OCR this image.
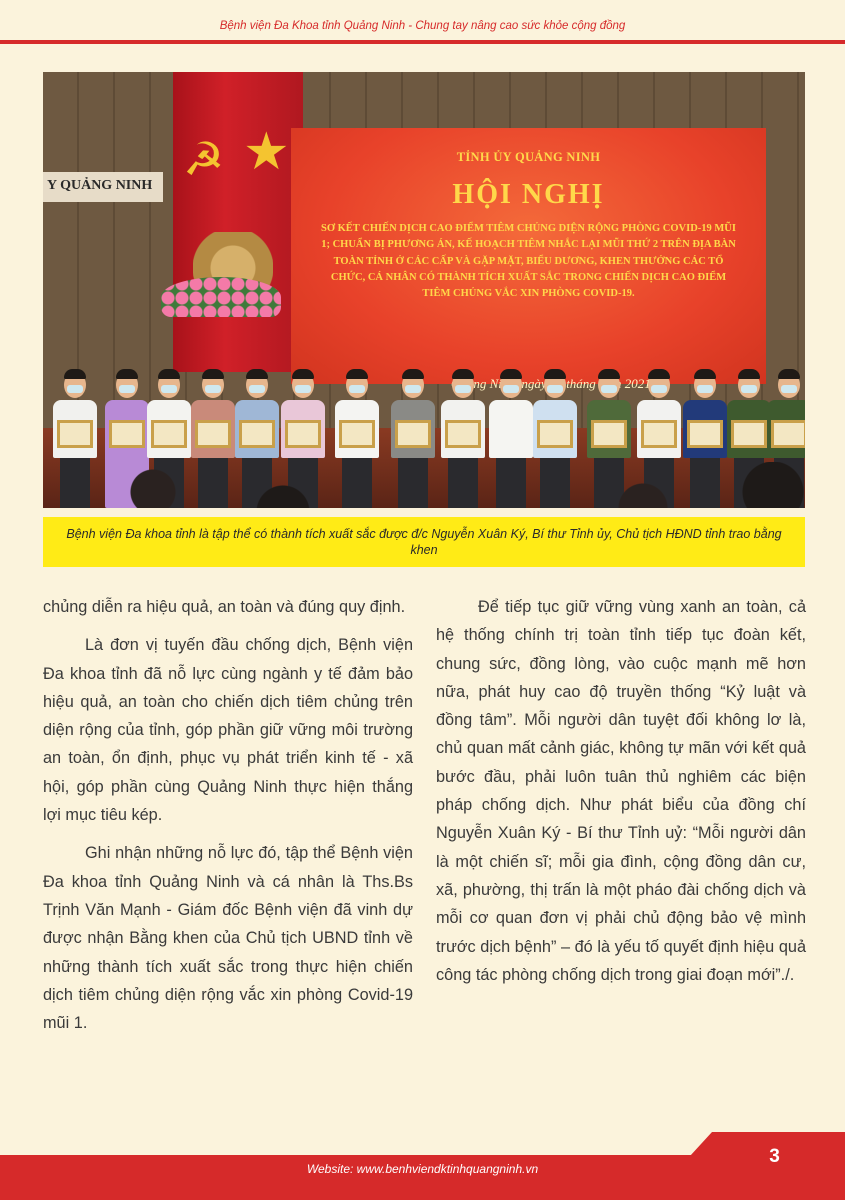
Bệnh viện Đa Khoa tỉnh Quảng Ninh - Chung tay nâng cao sức khỏe cộng đồng
Y QUẢNG NINH
☭ ★	TỈNH ỦY QUẢNG NINH
HỘI NGHỊ
SƠ KẾT CHIẾN DỊCH CAO ĐIỂM TIÊM CHỦNG DIỆN RỘNG PHÒNG COVID-19 MŨI 1; CHUẨN BỊ PHƯƠNG ÁN, KẾ HOẠCH TIÊM NHẮC LẠI MŨI THỨ 2 TRÊN ĐỊA BÀN TOÀN TỈNH Ở CÁC CẤP VÀ GẶP MẶT, BIỂU DƯƠNG, KHEN THƯỞNG CÁC TỔ CHỨC, CÁ NHÂN CÓ THÀNH TÍCH XUẤT SẮC TRONG CHIẾN DỊCH CAO ĐIỂM TIÊM CHỦNG VẮC XIN PHÒNG COVID-19.
ngày tháng 2021
Bệnh viện Đa khoa tỉnh là tập thể có thành tích xuất sắc được đ/c Nguyễn Xuân Ký, Bí thư Tỉnh ủy, Chủ tịch HĐND tỉnh trao bằng khen

chủng diễn ra hiệu quả, an toàn và đúng quy định.

Là đơn vị tuyến đầu chống dịch, Bệnh viện Đa khoa tỉnh đã nỗ lực cùng ngành y tế đảm bảo hiệu quả, an toàn cho chiến dịch tiêm chủng trên diện rộng của tỉnh, góp phần giữ vững môi trường an toàn, ổn định, phục vụ phát triển kinh tế - xã hội, góp phần cùng Quảng Ninh thực hiện thắng lợi mục tiêu kép.

Ghi nhận những nỗ lực đó, tập thể Bệnh viện Đa khoa tỉnh Quảng Ninh và cá nhân là Ths.Bs Trịnh Văn Mạnh - Giám đốc Bệnh viện đã vinh dự được nhận Bằng khen của Chủ tịch UBND tỉnh về những thành tích xuất sắc trong thực hiện chiến dịch tiêm chủng diện rộng vắc xin phòng Covid-19 mũi 1.

Để tiếp tục giữ vững vùng xanh an toàn, cả hệ thống chính trị toàn tỉnh tiếp tục đoàn kết, chung sức, đồng lòng, vào cuộc mạnh mẽ hơn nữa, phát huy cao độ truyền thống “Kỷ luật và đồng tâm”. Mỗi người dân tuyệt đối không lơ là, chủ quan mất cảnh giác, không tự mãn với kết quả bước đầu, phải luôn tuân thủ nghiêm các biện pháp chống dịch. Như phát biểu của đồng chí Nguyễn Xuân Ký - Bí thư Tỉnh uỷ: “Mỗi người dân là một chiến sĩ; mỗi gia đình, cộng đồng dân cư, xã, phường, thị trấn là một pháo đài chống dịch và mỗi cơ quan đơn vị phải chủ động bảo vệ mình trước dịch bệnh” – đó là yếu tố quyết định hiệu quả công tác phòng chống dịch trong giai đoạn mới”./.

Website: www.benhviendktinhquangninh.vn
3
